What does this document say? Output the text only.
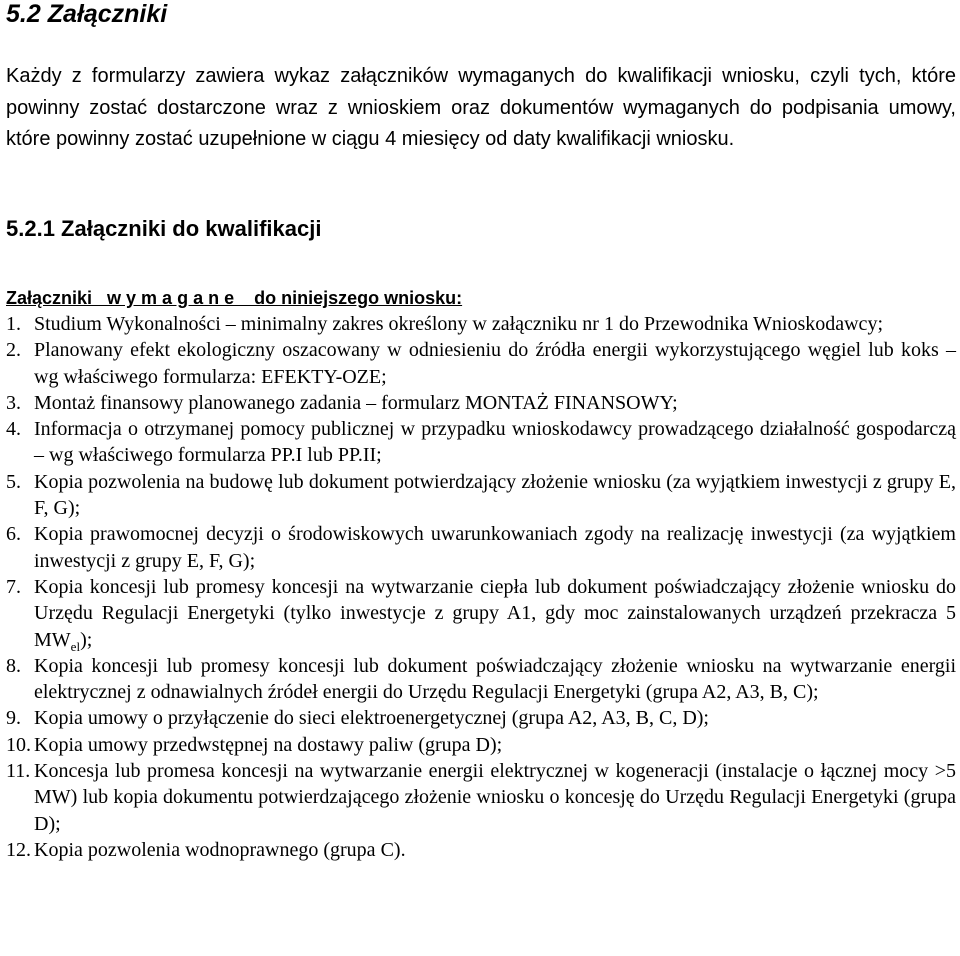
5.2 Załączniki

Każdy z formularzy zawiera wykaz załączników wymaganych do kwalifikacji wniosku, czyli tych, które powinny zostać dostarczone wraz z wnioskiem oraz dokumentów wymaganych do podpisania umowy, które powinny zostać uzupełnione w ciągu 4 miesięcy od daty kwalifikacji wniosku.

5.2.1 Załączniki do kwalifikacji
Załączniki   w y m a g a n e    do niniejszego wniosku:
1. Studium Wykonalności – minimalny zakres określony w załączniku nr 1 do Przewodnika Wnioskodawcy;
2. Planowany efekt ekologiczny oszacowany w odniesieniu do źródła energii wykorzystującego węgiel lub koks – wg właściwego formularza: EFEKTY-OZE;
3. Montaż finansowy planowanego zadania – formularz MONTAŻ FINANSOWY;
4. Informacja o otrzymanej pomocy publicznej w przypadku wnioskodawcy prowadzącego działalność gospodarczą – wg właściwego formularza PP.I lub PP.II;
5. Kopia pozwolenia na budowę lub dokument potwierdzający złożenie wniosku (za wyjątkiem inwestycji z grupy E, F, G);
6. Kopia prawomocnej decyzji o środowiskowych uwarunkowaniach zgody na realizację inwestycji (za wyjątkiem inwestycji z grupy E, F, G);
7. Kopia koncesji lub promesy koncesji na wytwarzanie ciepła lub dokument poświadczający złożenie wniosku do Urzędu Regulacji Energetyki (tylko inwestycje z grupy A1, gdy moc zainstalowanych urządzeń przekracza 5 $MW_{el}$);
8. Kopia koncesji lub promesy koncesji lub dokument poświadczający złożenie wniosku na wytwarzanie energii elektrycznej z odnawialnych źródeł energii do Urzędu Regulacji Energetyki (grupa A2, A3, B, C);
9. Kopia umowy o przyłączenie do sieci elektroenergetycznej (grupa A2, A3, B, C, D);
10. Kopia umowy przedwstępnej na dostawy paliw (grupa D);
11. Koncesja lub promesa koncesji na wytwarzanie energii elektrycznej w kogeneracji (instalacje o łącznej mocy >5 MW) lub kopia dokumentu potwierdzającego złożenie wniosku o koncesję do Urzędu Regulacji Energetyki (grupa D);
12. Kopia pozwolenia wodnoprawnego (grupa C).
